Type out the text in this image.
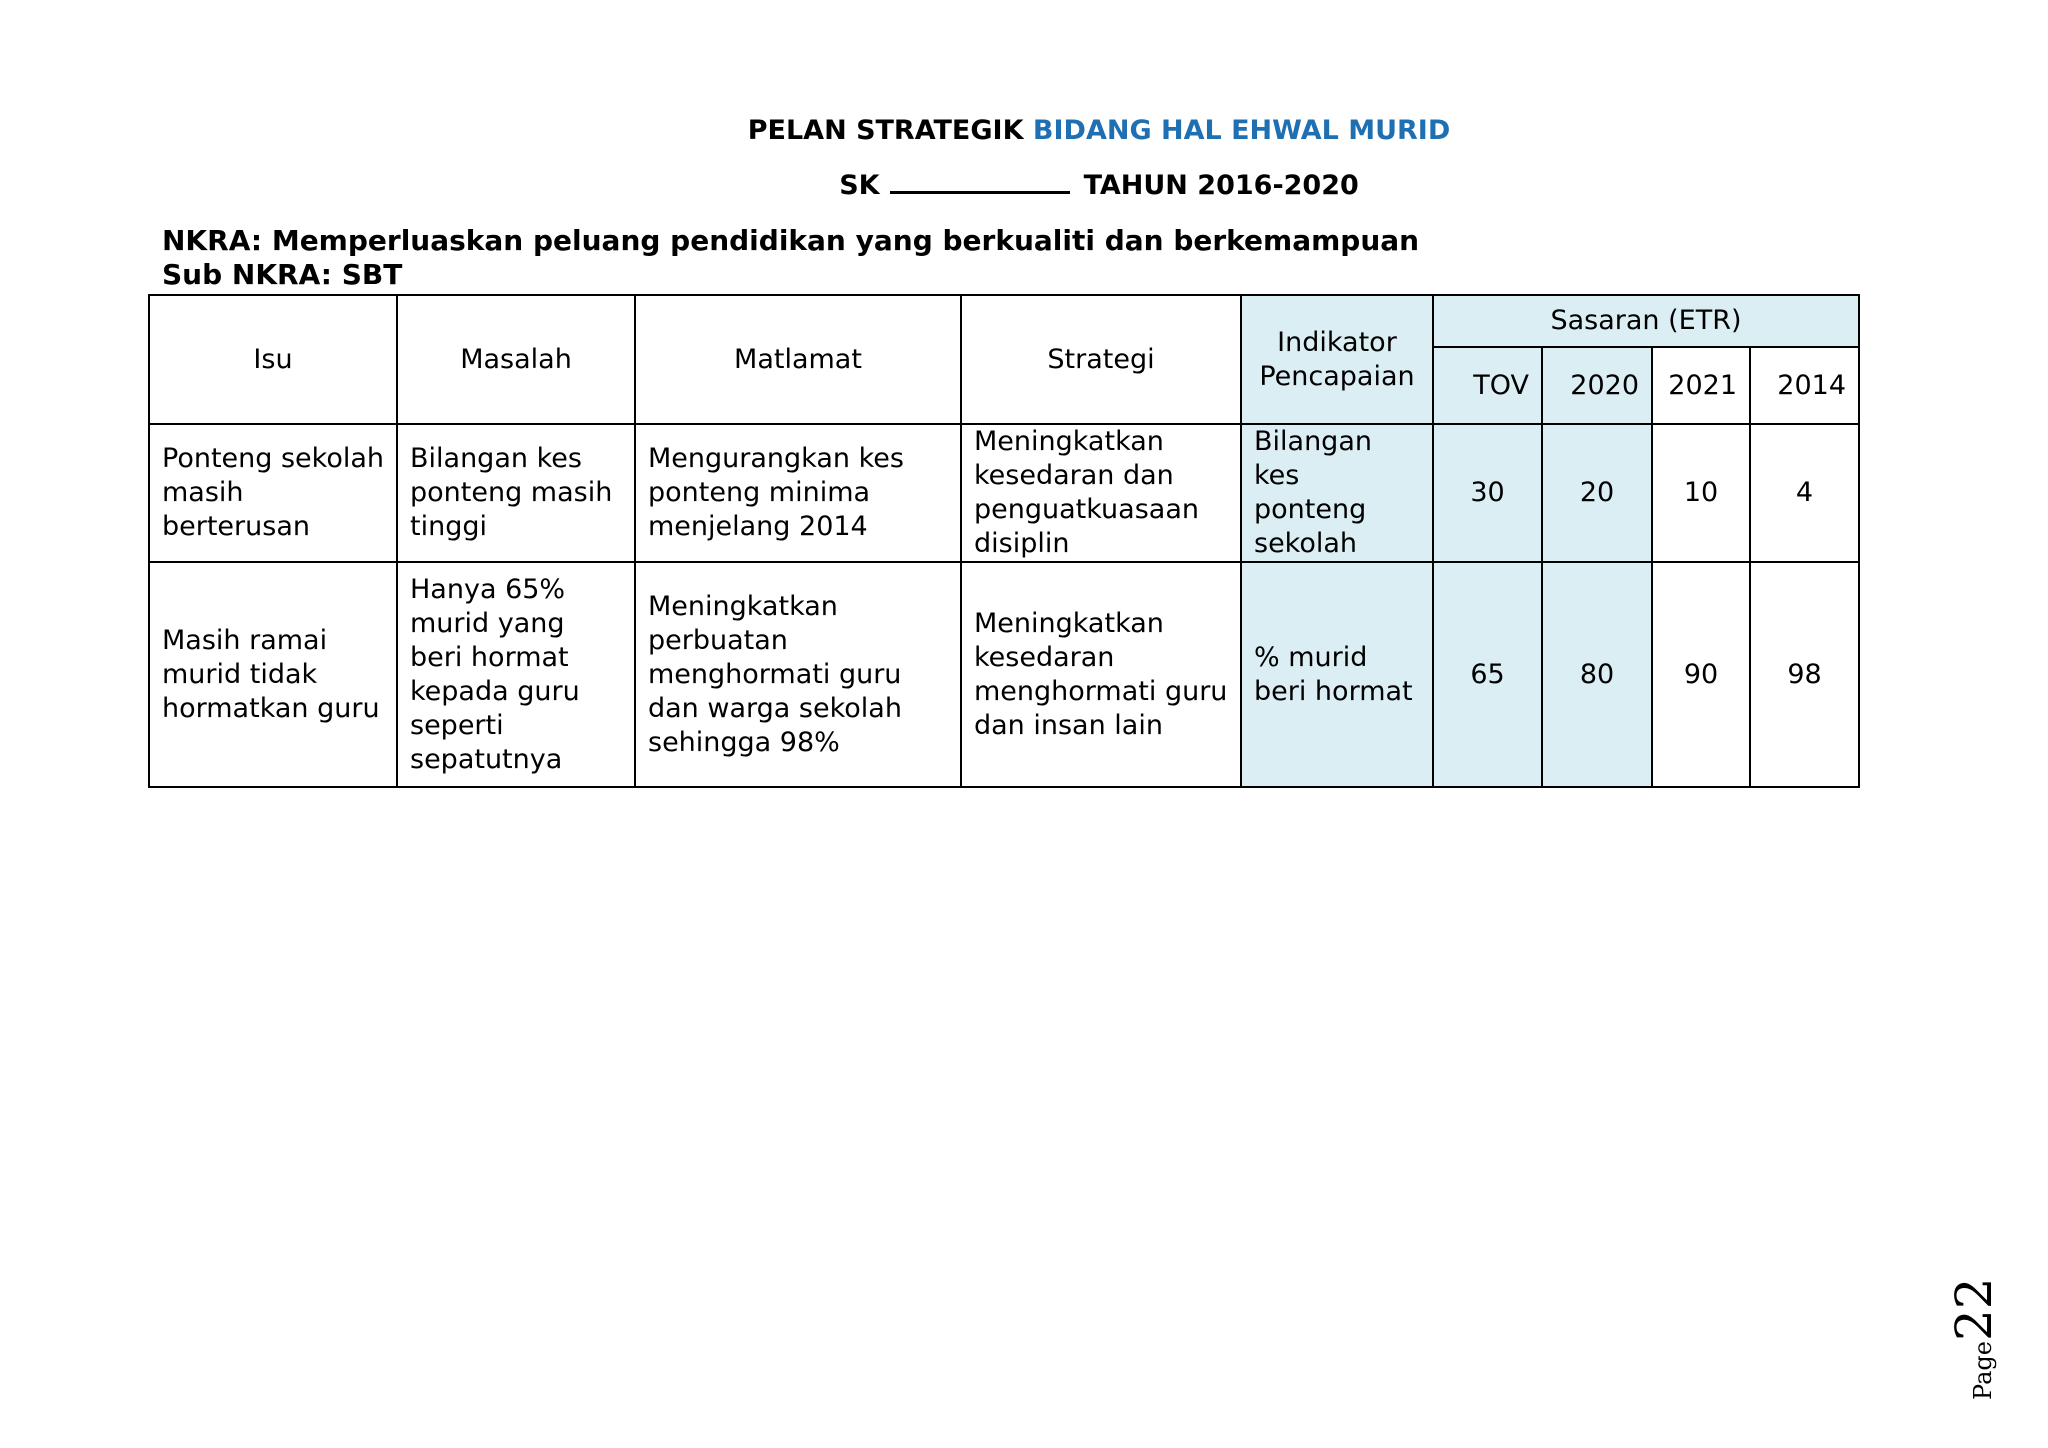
PELAN STRATEGIK BIDANG HAL EHWAL MURID
SK	TAHUN 2016-2020
NKRA: Memperluaskan peluang pendidikan yang berkualiti dan berkemampuan
Sub NKRA: SBT
Isu	Masalah	Matlamat	Strategi	Indikator Pencapaian	Sasaran (ETR)			
					TOV	2020	2021	2014
Ponteng sekolah masih berterusan	Bilangan kes ponteng masih tinggi	Mengurangkan kes ponteng minima menjelang 2014	Meningkatkan kesedaran dan penguatkuasaan disiplin	Bilangan kes ponteng sekolah	30	20	10	4
Masih ramai murid tidak hormatkan guru	Hanya 65% murid yang beri hormat kepada guru seperti sepatutnya	Meningkatkan perbuatan menghormati guru dan warga sekolah sehingga 98%	Meningkatkan kesedaran menghormati guru dan insan lain	% murid beri hormat	65	80	90	98
Page22
